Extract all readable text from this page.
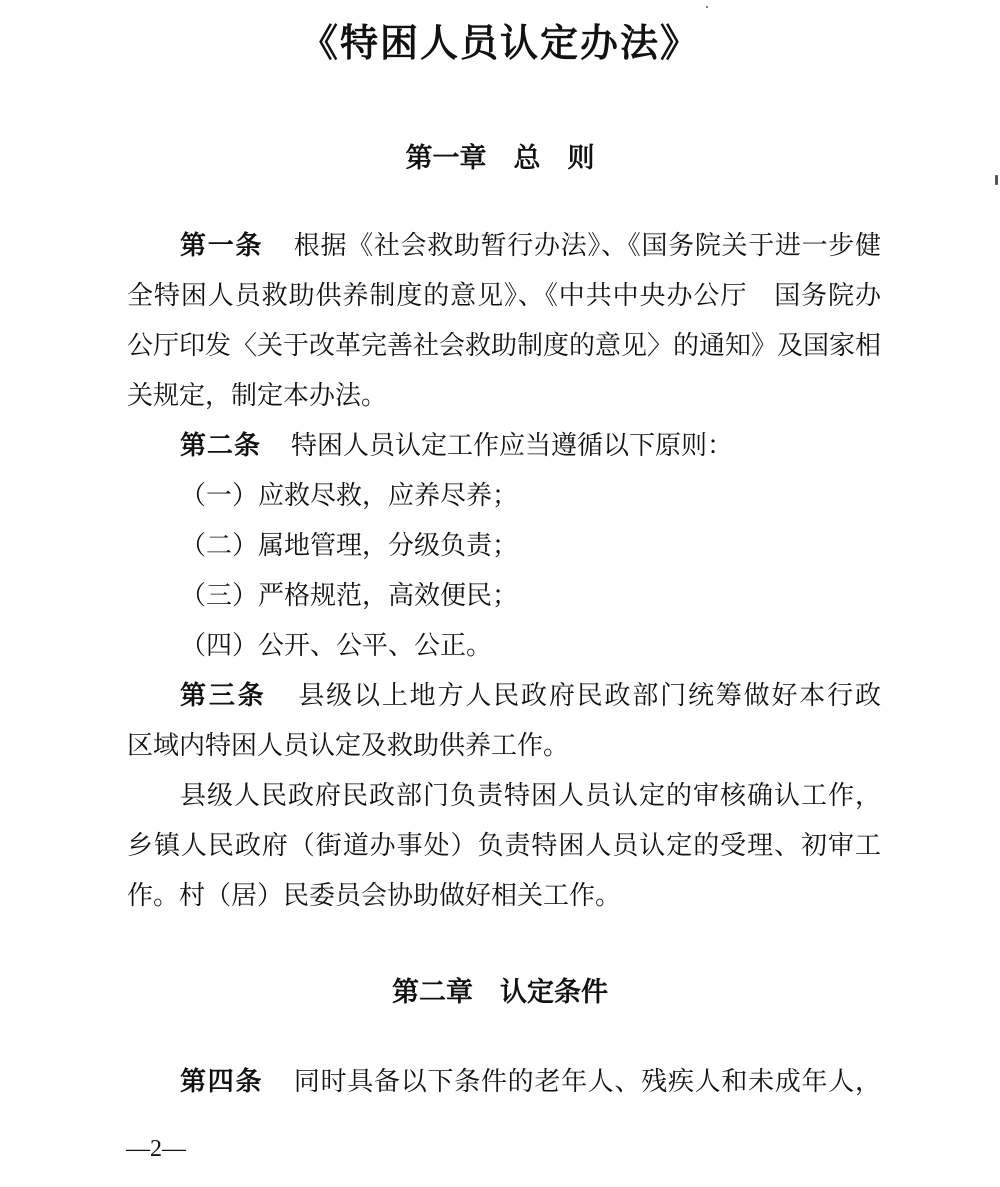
《特困人员认定办法》
第一章　 总　则
第一条 根据《社会救助暂行办法》、《国务院关于进一步健
全特困人员救助供养制度的意见》、《中共中央办公厅　国务院办
公厅印发〈关于改革完善社会救助制度的意见〉的通知》及国家相
关规定，制定本办法。
第二条 特困人员认定工作应当遵循以下原则：
（一）应救尽救，应养尽养；
（二）属地管理，分级负责；
（三）严格规范，高效便民；
（四）公开、公平、公正。
第三条 县级以上地方人民政府民政部门统筹做好本行政
区域内特困人员认定及救助供养工作。
县级人民政府民政部门负责特困人员认定的审核确认工作，
乡镇人民政府（街道办事处）负责特困人员认定的受理、初审工
作。村（居）民委员会协助做好相关工作。
第二章　 认定条件
第四条 同时具备以下条件的老年人、残疾人和未成年人，
—2—
